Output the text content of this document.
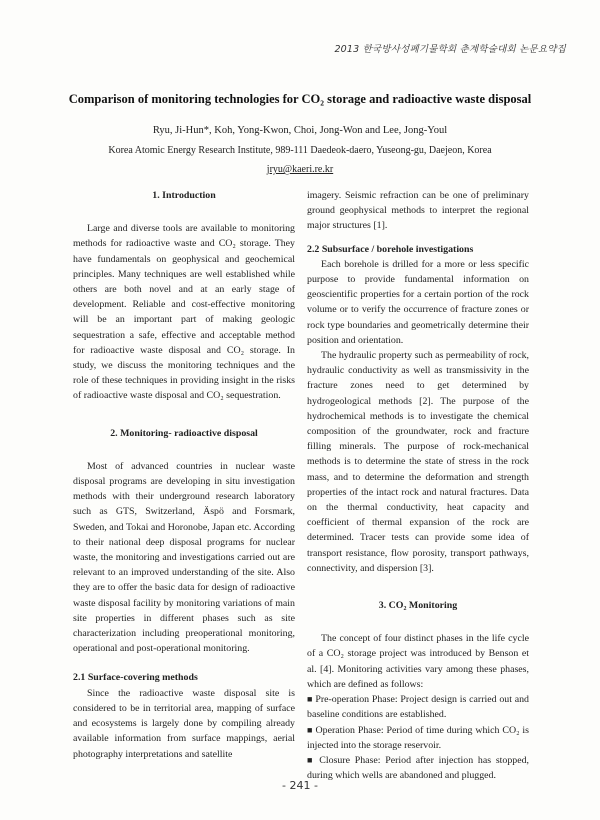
2013 한국방사성폐기물학회 춘계학술대회 논문요약집
Comparison of monitoring technologies for CO₂ storage and radioactive waste disposal
Ryu, Ji-Hun*, Koh, Yong-Kwon, Choi, Jong-Won and Lee, Jong-Youl
Korea Atomic Energy Research Institute, 989-111 Daedeok-daero, Yuseong-gu, Daejeon, Korea
jryu@kaeri.re.kr

1. Introduction

Large and diverse tools are available to monitoring methods for radioactive waste and CO₂ storage. They have fundamentals on geophysical and geochemical principles. Many techniques are well established while others are both novel and at an early stage of development. Reliable and cost-effective monitoring will be an important part of making geologic sequestration a safe, effective and acceptable method for radioactive waste disposal and CO₂ storage. In study, we discuss the monitoring techniques and the role of these techniques in providing insight in the risks of radioactive waste disposal and CO₂ sequestration.

2. Monitoring- radioactive disposal

Most of advanced countries in nuclear waste disposal programs are developing in situ investigation methods with their underground research laboratory such as GTS, Switzerland, Äspö and Forsmark, Sweden, and Tokai and Horonobe, Japan etc. According to their national deep disposal programs for nuclear waste, the monitoring and investigations carried out are relevant to an improved understanding of the site. Also they are to offer the basic data for design of radioactive waste disposal facility by monitoring variations of main site properties in different phases such as site characterization including preoperational monitoring, operational and post-operational monitoring.

2.1 Surface-covering methods

Since the radioactive waste disposal site is considered to be in territorial area, mapping of surface and ecosystems is largely done by compiling already available information from surface mappings, aerial photography interpretations and satellite

imagery. Seismic refraction can be one of preliminary ground geophysical methods to interpret the regional major structures [1].

2.2 Subsurface / borehole investigations

Each borehole is drilled for a more or less specific purpose to provide fundamental information on geoscientific properties for a certain portion of the rock volume or to verify the occurrence of fracture zones or rock type boundaries and geometrically determine their position and orientation.

The hydraulic property such as permeability of rock, hydraulic conductivity as well as transmissivity in the fracture zones need to get determined by hydrogeological methods [2]. The purpose of the hydrochemical methods is to investigate the chemical composition of the groundwater, rock and fracture filling minerals. The purpose of rock-mechanical methods is to determine the state of stress in the rock mass, and to determine the deformation and strength properties of the intact rock and natural fractures. Data on the thermal conductivity, heat capacity and coefficient of thermal expansion of the rock are determined. Tracer tests can provide some idea of transport resistance, flow porosity, transport pathways, connectivity, and dispersion [3].

3. CO₂ Monitoring

The concept of four distinct phases in the life cycle of a CO₂ storage project was introduced by Benson et al. [4]. Monitoring activities vary among these phases, which are defined as follows:

■ Pre-operation Phase: Project design is carried out and baseline conditions are established.

■ Operation Phase: Period of time during which CO₂ is injected into the storage reservoir.

■ Closure Phase: Period after injection has stopped, during which wells are abandoned and plugged.

- 241 -
